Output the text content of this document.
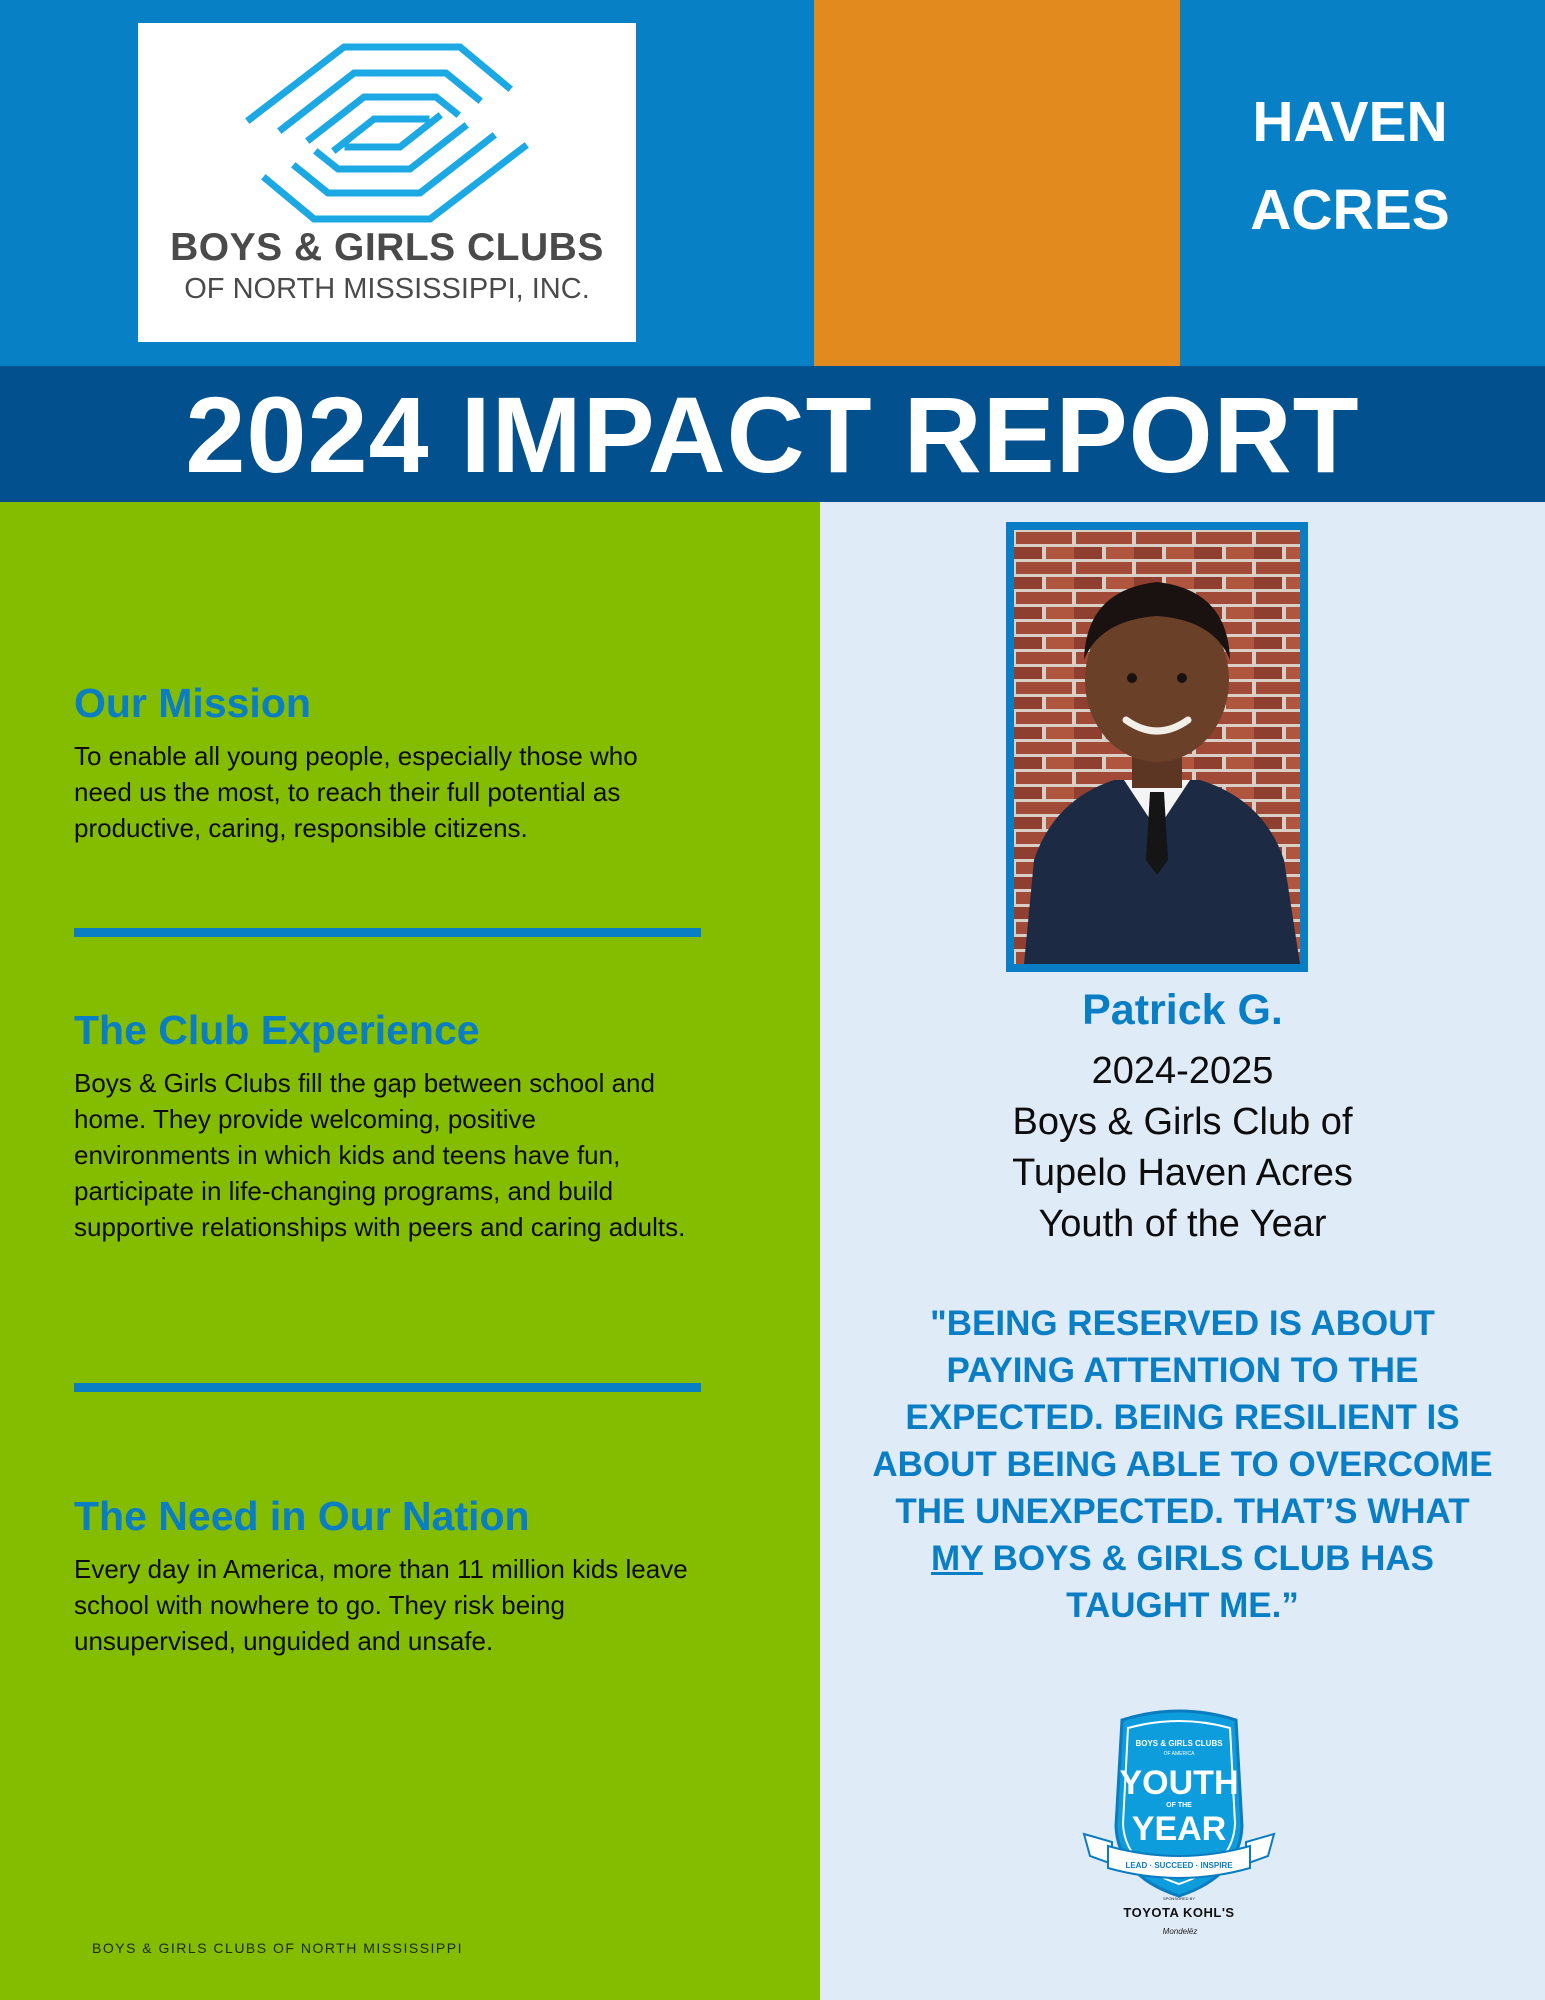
BOYS & GIRLS CLUBS
OF NORTH MISSISSIPPI, INC.
HAVEN ACRES
2024 IMPACT REPORT
Our Mission

To enable all young people, especially those who need us the most, to reach their full potential as productive, caring, responsible citizens.

The Club Experience

Boys & Girls Clubs fill the gap between school and home. They provide welcoming, positive environments in which kids and teens have fun, participate in life-changing programs, and build supportive relationships with peers and caring adults.

The Need in Our Nation

Every day in America, more than 11 million kids leave school with nowhere to go. They risk being unsupervised, unguided and unsafe.

BOYS & GIRLS CLUBS OF NORTH MISSISSIPPI
Patrick G.
2024-2025
Boys & Girls Club of
Tupelo Haven Acres
Youth of the Year
"BEING RESERVED IS ABOUT PAYING ATTENTION TO THE EXPECTED. BEING RESILIENT IS ABOUT BEING ABLE TO OVERCOME THE UNEXPECTED. THAT’S WHAT MY BOYS & GIRLS CLUB HAS TAUGHT ME.”
BOYS & GIRLS CLUBS
OF AMERICA
YOUTH
OF THE
YEAR
LEAD · SUCCEED · INSPIRE
SPONSORED BY
TOYOTA KOHL'S
Mondelēz
